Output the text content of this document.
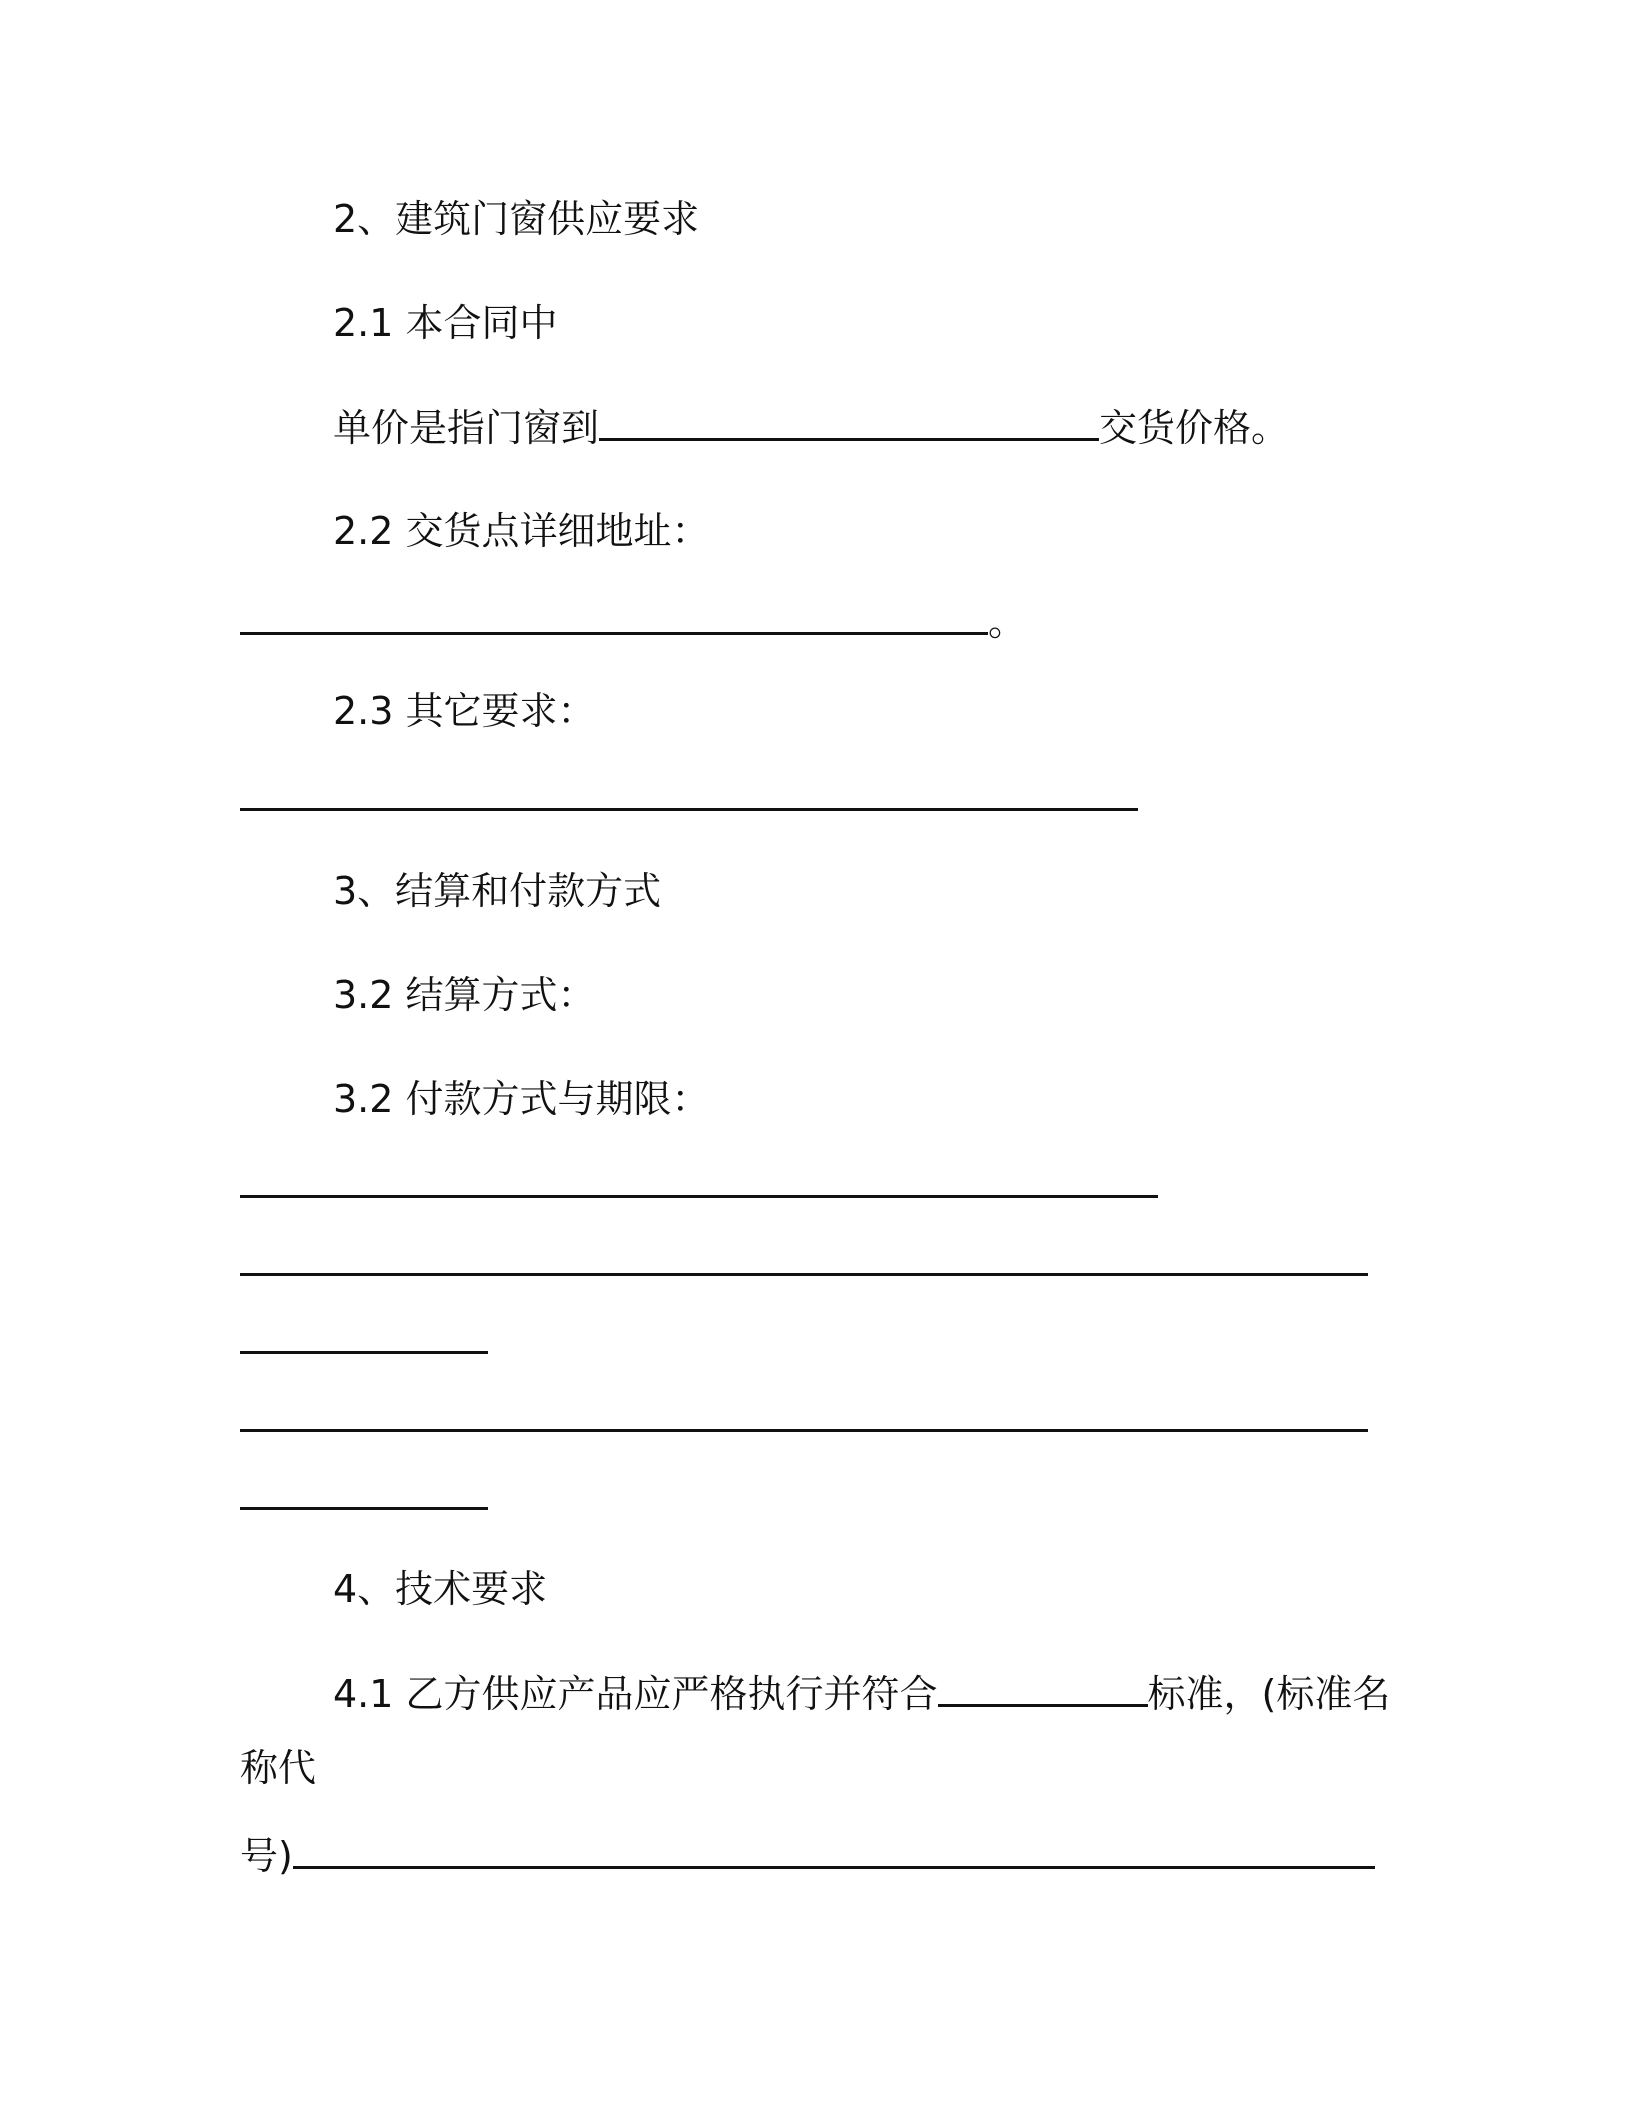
2、建筑门窗供应要求
2.1 本合同中
单价是指门窗到	交货价格。
2.2 交货点详细地址：
。
2.3 其它要求：
3、结算和付款方式
3.2 结算方式：
3.2 付款方式与期限：
4、技术要求
4.1 乙方供应产品应严格执行并符合	标准，(标准名
称代
号)
